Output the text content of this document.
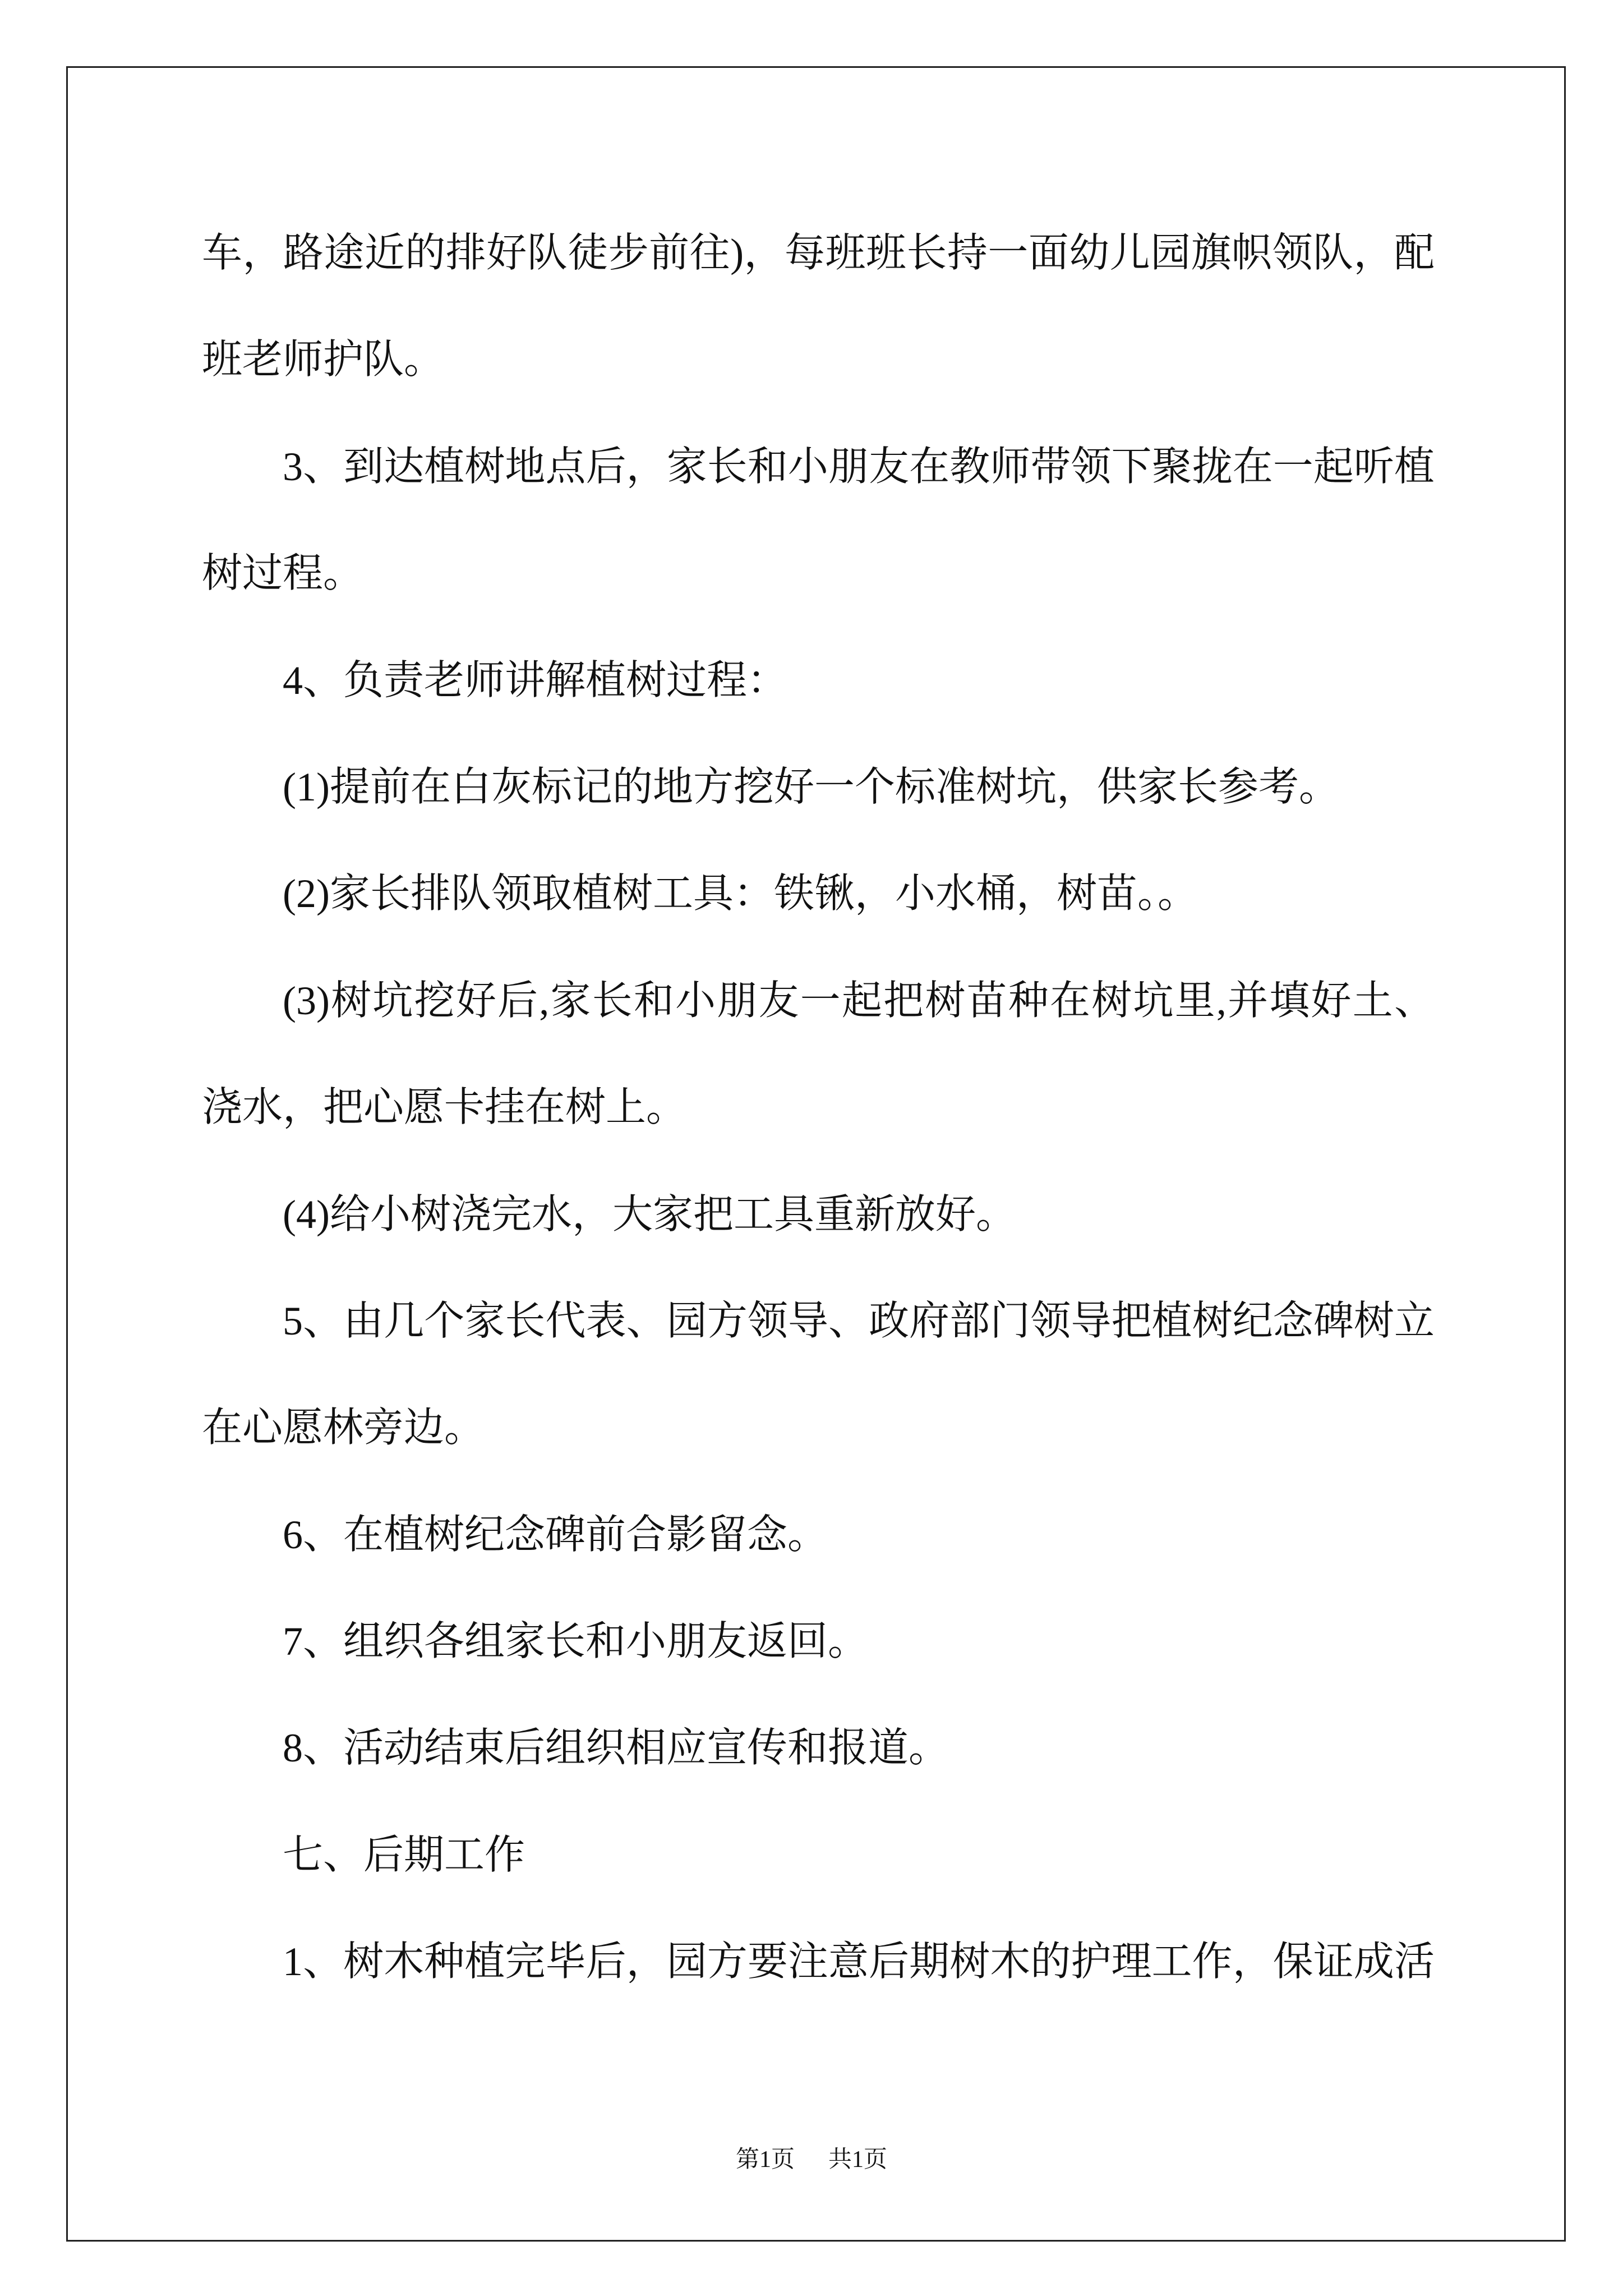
车，路途近的排好队徒步前往)，每班班长持一面幼儿园旗帜领队，配
班老师护队。
3、到达植树地点后，家长和小朋友在教师带领下聚拢在一起听植
树过程。
4、负责老师讲解植树过程：
(1)提前在白灰标记的地方挖好一个标准树坑，供家长参考。
(2)家长排队领取植树工具：铁锹，小水桶，树苗。。
(3)树坑挖好后,家长和小朋友一起把树苗种在树坑里,并填好土、
浇水，把心愿卡挂在树上。
(4)给小树浇完水，大家把工具重新放好。
5、由几个家长代表、园方领导、政府部门领导把植树纪念碑树立
在心愿林旁边。
6、在植树纪念碑前合影留念。
7、组织各组家长和小朋友返回。
8、活动结束后组织相应宣传和报道。
七、后期工作
1、树木种植完毕后，园方要注意后期树木的护理工作，保证成活
第1页 共1页
